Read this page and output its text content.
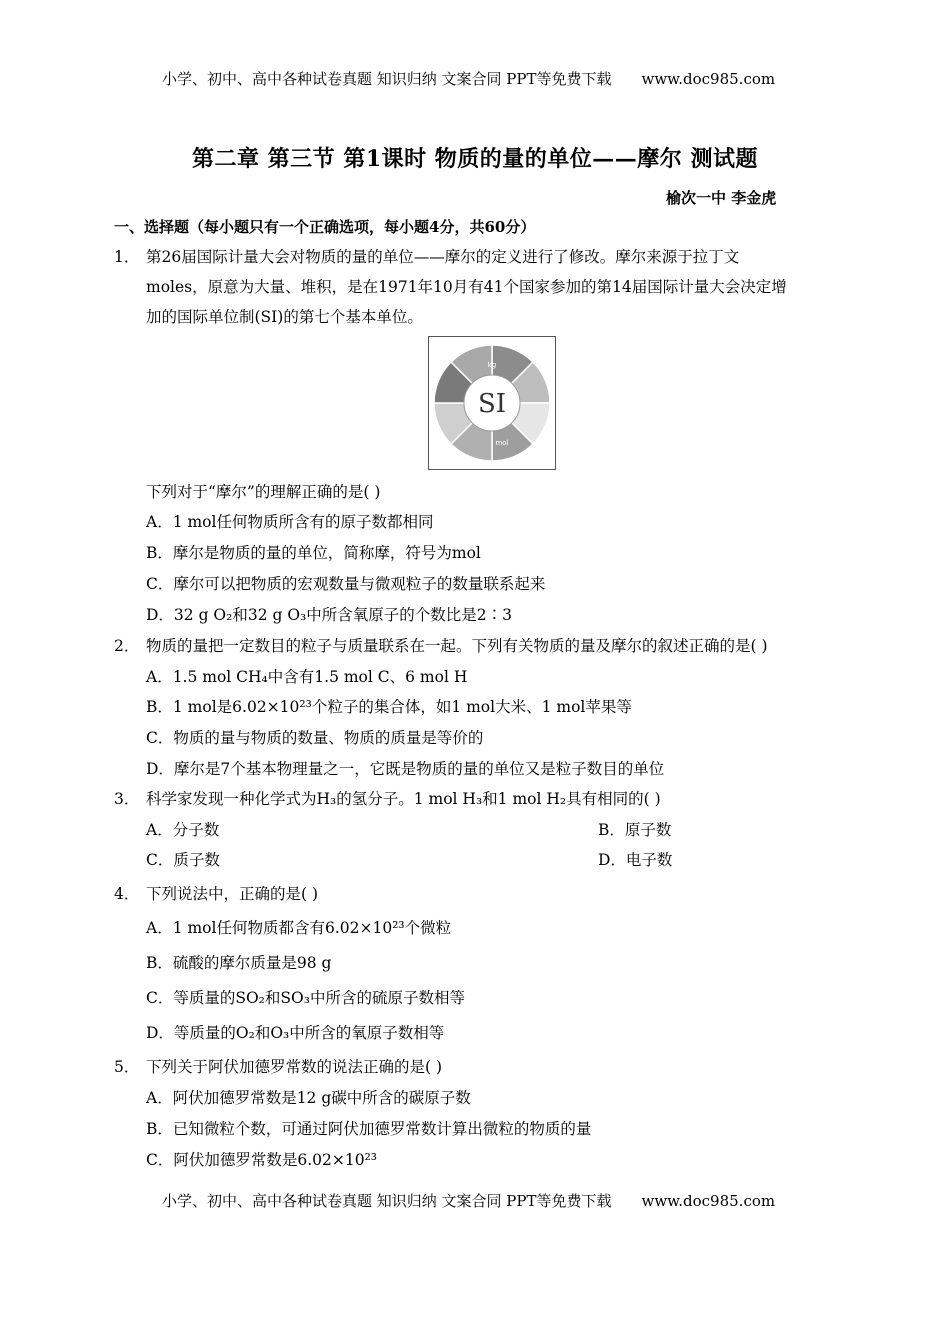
小学、初中、高中各种试卷真题 知识归纳 文案合同 PPT等免费下载 www.doc985.com
第二章 第三节 第1课时 物质的量的单位——摩尔 测试题
榆次一中 李金虎
一、选择题（每小题只有一个正确选项，每小题4分，共60分）
1． 第26届国际计量大会对物质的量的单位——摩尔的定义进行了修改。摩尔来源于拉丁文
moles，原意为大量、堆积，是在1971年10月有41个国家参加的第14届国际计量大会决定增
加的国际单位制(SI)的第七个基本单位。
SI
kg
mol
下列对于“摩尔”的理解正确的是( )
A．1 mol任何物质所含有的原子数都相同
B．摩尔是物质的量的单位，简称摩，符号为mol
C．摩尔可以把物质的宏观数量与微观粒子的数量联系起来
D．32 g O₂和32 g O₃中所含氧原子的个数比是2∶3
2． 物质的量把一定数目的粒子与质量联系在一起。下列有关物质的量及摩尔的叙述正确的是( )
A．1.5 mol CH₄中含有1.5 mol C、6 mol H
B．1 mol是6.02×10²³个粒子的集合体，如1 mol大米、1 mol苹果等
C．物质的量与物质的数量、物质的质量是等价的
D．摩尔是7个基本物理量之一，它既是物质的量的单位又是粒子数目的单位
3． 科学家发现一种化学式为H₃的氢分子。1 mol H₃和1 mol H₂具有相同的( )
A．分子数	B．原子数
C．质子数	D．电子数
4． 下列说法中，正确的是( )
A．1 mol任何物质都含有6.02×10²³个微粒
B．硫酸的摩尔质量是98 g
C．等质量的SO₂和SO₃中所含的硫原子数相等
D．等质量的O₂和O₃中所含的氧原子数相等
5． 下列关于阿伏加德罗常数的说法正确的是( )
A．阿伏加德罗常数是12 g碳中所含的碳原子数
B．已知微粒个数，可通过阿伏加德罗常数计算出微粒的物质的量
C．阿伏加德罗常数是6.02×10²³
小学、初中、高中各种试卷真题 知识归纳 文案合同 PPT等免费下载 www.doc985.com
